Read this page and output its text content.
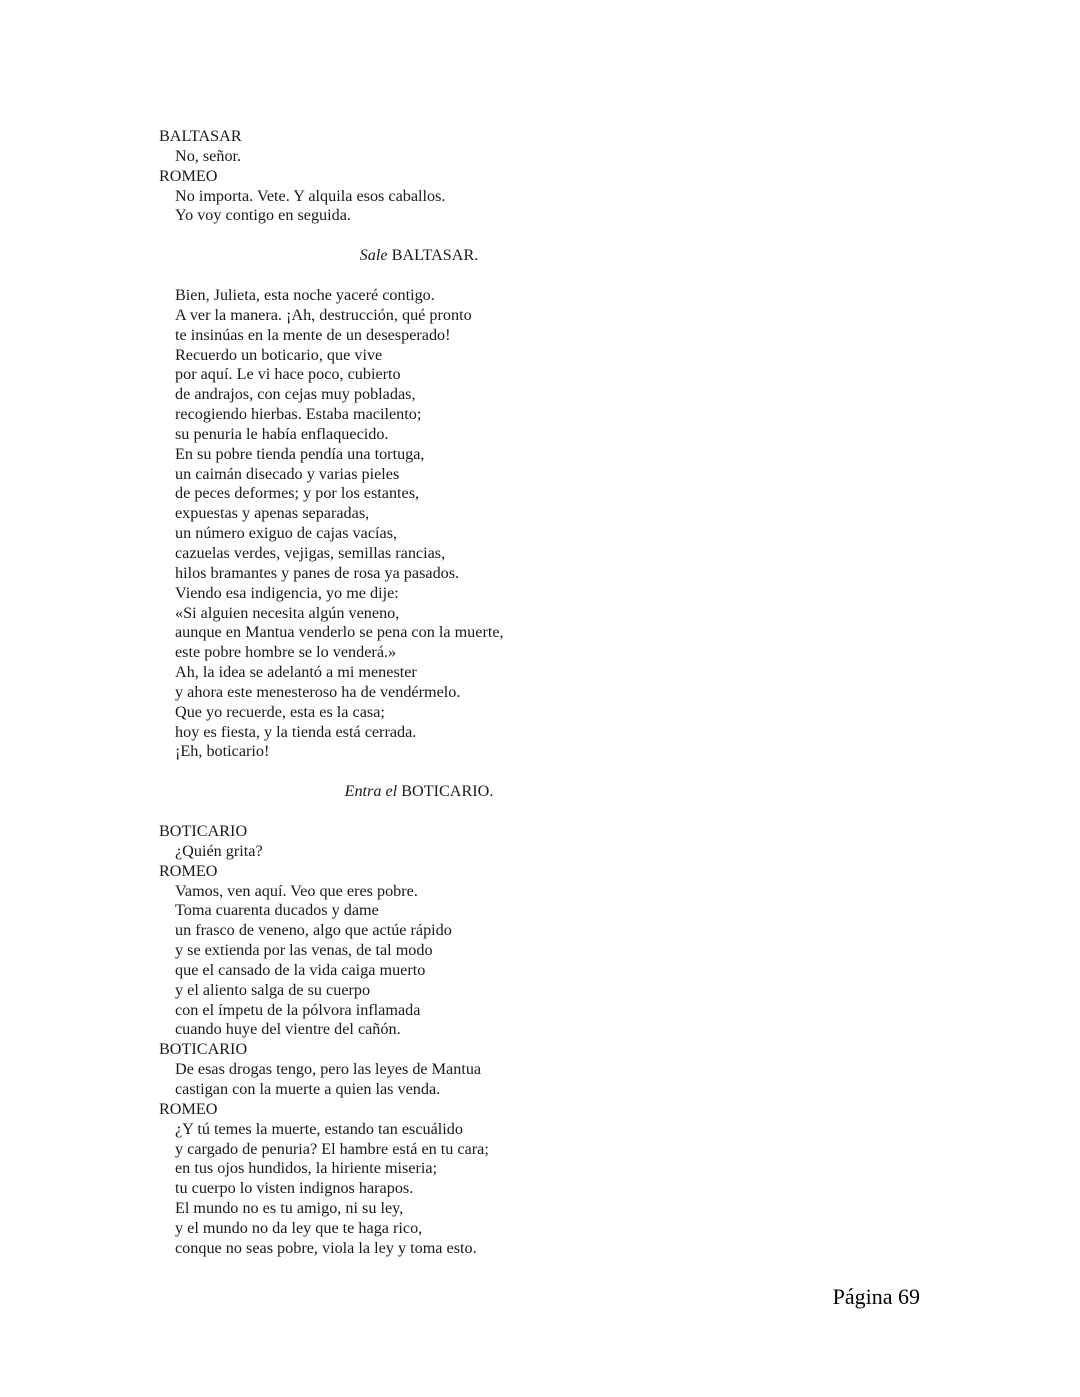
BALTASAR
No, señor.
ROMEO
No importa. Vete. Y alquila esos caballos.
Yo voy contigo en seguida.
Sale BALTASAR.
Bien, Julieta, esta noche yaceré contigo.
A ver la manera. ¡Ah, destrucción, qué pronto
te insinúas en la mente de un desesperado!
Recuerdo un boticario, que vive
por aquí. Le vi hace poco, cubierto
de andrajos, con cejas muy pobladas,
recogiendo hierbas. Estaba macilento;
su penuria le había enflaquecido.
En su pobre tienda pendía una tortuga,
un caimán disecado y varias pieles
de peces deformes; y por los estantes,
expuestas y apenas separadas,
un número exiguo de cajas vacías,
cazuelas verdes, vejigas, semillas rancias,
hilos bramantes y panes de rosa ya pasados.
Viendo esa indigencia, yo me dije:
«Si alguien necesita algún veneno,
aunque en Mantua venderlo se pena con la muerte,
este pobre hombre se lo venderá.»
Ah, la idea se adelantó a mi menester
y ahora este menesteroso ha de vendérmelo.
Que yo recuerde, esta es la casa;
hoy es fiesta, y la tienda está cerrada.
¡Eh, boticario!
Entra el BOTICARIO.
BOTICARIO
¿Quién grita?
ROMEO
Vamos, ven aquí. Veo que eres pobre.
Toma cuarenta ducados y dame
un frasco de veneno, algo que actúe rápido
y se extienda por las venas, de tal modo
que el cansado de la vida caiga muerto
y el aliento salga de su cuerpo
con el ímpetu de la pólvora inflamada
cuando huye del vientre del cañón.
BOTICARIO
De esas drogas tengo, pero las leyes de Mantua
castigan con la muerte a quien las venda.
ROMEO
¿Y tú temes la muerte, estando tan escuálido
y cargado de penuria? El hambre está en tu cara;
en tus ojos hundidos, la hiriente miseria;
tu cuerpo lo visten indignos harapos.
El mundo no es tu amigo, ni su ley,
y el mundo no da ley que te haga rico,
conque no seas pobre, viola la ley y toma esto.
Página 69
